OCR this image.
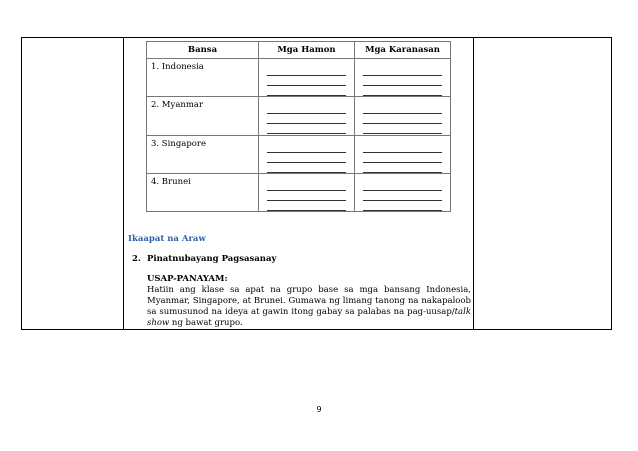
Bansa	Mga Hamon	Mga Karanasan

1. Indonesia		

2. Myanmar		

3. Singapore		

4. Brunei		

Ikaapat na Araw
2. Pinatnubayang Pagsasanay
USAP-PANAYAM:
Hatiin ang klase sa apat na grupo base sa mga bansang Indonesia, Myanmar, Singapore, at Brunei. Gumawa ng limang tanong na nakapaloob sa sumusunod na ideya at gawin itong gabay sa palabas na pag-uusap/talk show ng bawat grupo.
9
